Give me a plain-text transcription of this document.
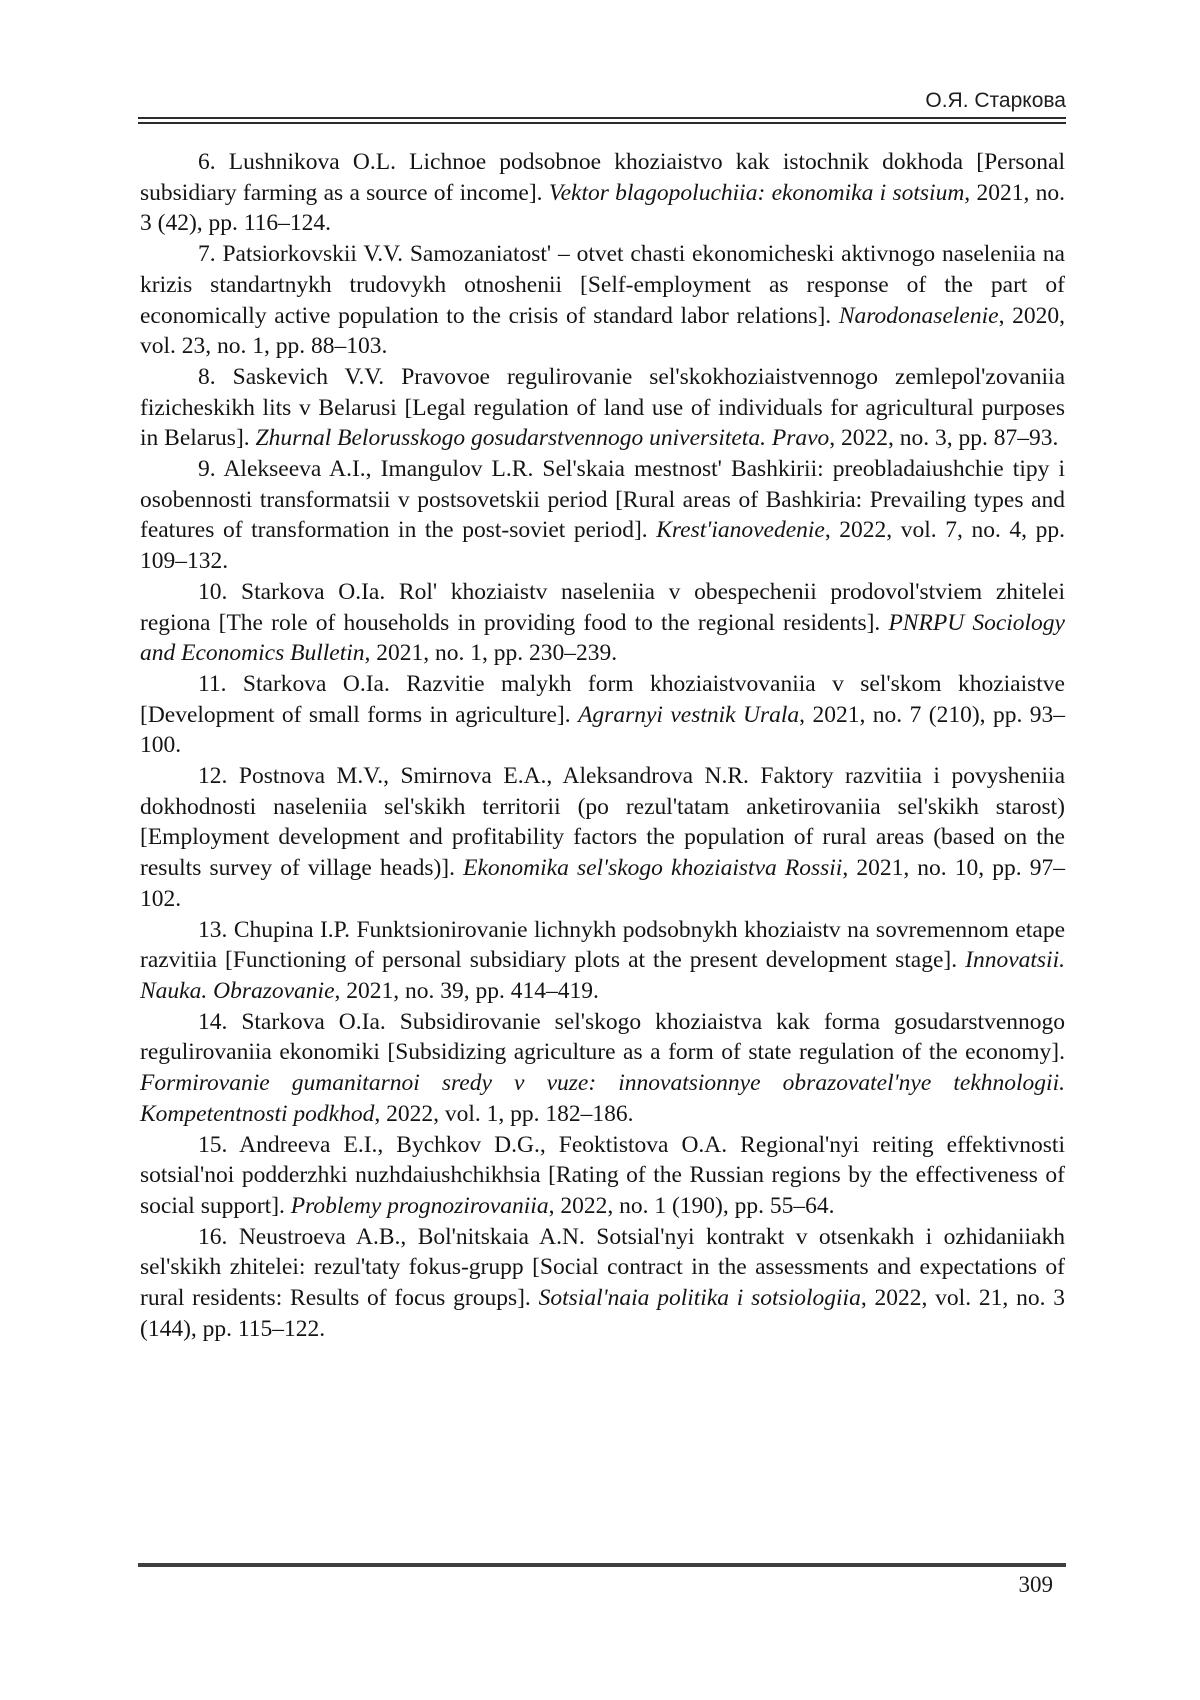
О.Я. Старкова

6. Lushnikova O.L. Lichnoe podsobnoe khoziaistvo kak istochnik dokhoda [Personal subsidiary farming as a source of income]. Vektor blagopoluchiia: ekonomika i sotsium, 2021, no. 3 (42), pp. 116–124.

7. Patsiorkovskii V.V. Samozaniatost' – otvet chasti ekonomicheski aktivnogo naseleniia na krizis standartnykh trudovykh otnoshenii [Self-employment as response of the part of economically active population to the crisis of standard labor relations]. Narodonaselenie, 2020, vol. 23, no. 1, pp. 88–103.

8. Saskevich V.V. Pravovoe regulirovanie sel'skokhoziaistvennogo zemlepol'zovaniia fizicheskikh lits v Belarusi [Legal regulation of land use of individuals for agricultural purposes in Belarus]. Zhurnal Belorusskogo gosudarstvennogo universiteta. Pravo, 2022, no. 3, pp. 87–93.

9. Alekseeva A.I., Imangulov L.R. Sel'skaia mestnost' Bashkirii: preobladaiushchie tipy i osobennosti transformatsii v postsovetskii period [Rural areas of Bashkiria: Prevailing types and features of transformation in the post-soviet period]. Krest'ianovedenie, 2022, vol. 7, no. 4, pp. 109–132.

10. Starkova O.Ia. Rol' khoziaistv naseleniia v obespechenii prodovol'stviem zhitelei regiona [The role of households in providing food to the regional residents]. PNRPU Sociology and Economics Bulletin, 2021, no. 1, pp. 230–239.

11. Starkova O.Ia. Razvitie malykh form khoziaistvovaniia v sel'skom khoziaistve [Development of small forms in agriculture]. Agrarnyi vestnik Urala, 2021, no. 7 (210), pp. 93–100.

12. Postnova M.V., Smirnova E.A., Aleksandrova N.R. Faktory razvitiia i povysheniia dokhodnosti naseleniia sel'skikh territorii (po rezul'tatam anketirovaniia sel'skikh starost) [Employment development and profitability factors the population of rural areas (based on the results survey of village heads)]. Ekonomika sel'skogo khoziaistva Rossii, 2021, no. 10, pp. 97–102.

13. Chupina I.P. Funktsionirovanie lichnykh podsobnykh khoziaistv na sovremennom etape razvitiia [Functioning of personal subsidiary plots at the present development stage]. Innovatsii. Nauka. Obrazovanie, 2021, no. 39, pp. 414–419.

14. Starkova O.Ia. Subsidirovanie sel'skogo khoziaistva kak forma gosudarstvennogo regulirovaniia ekonomiki [Subsidizing agriculture as a form of state regulation of the economy]. Formirovanie gumanitarnoi sredy v vuze: innovatsionnye obrazovatel'nye tekhnologii. Kompetentnosti podkhod, 2022, vol. 1, pp. 182–186.

15. Andreeva E.I., Bychkov D.G., Feoktistova O.A. Regional'nyi reiting effektivnosti sotsial'noi podderzhki nuzhdaiushchikhsia [Rating of the Russian regions by the effectiveness of social support]. Problemy prognozirovaniia, 2022, no. 1 (190), pp. 55–64.

16. Neustroeva A.B., Bol'nitskaia A.N. Sotsial'nyi kontrakt v otsenkakh i ozhidaniiakh sel'skikh zhitelei: rezul'taty fokus-grupp [Social contract in the assessments and expectations of rural residents: Results of focus groups]. Sotsial'naia politika i sotsiologiia, 2022, vol. 21, no. 3 (144), pp. 115–122.

309
